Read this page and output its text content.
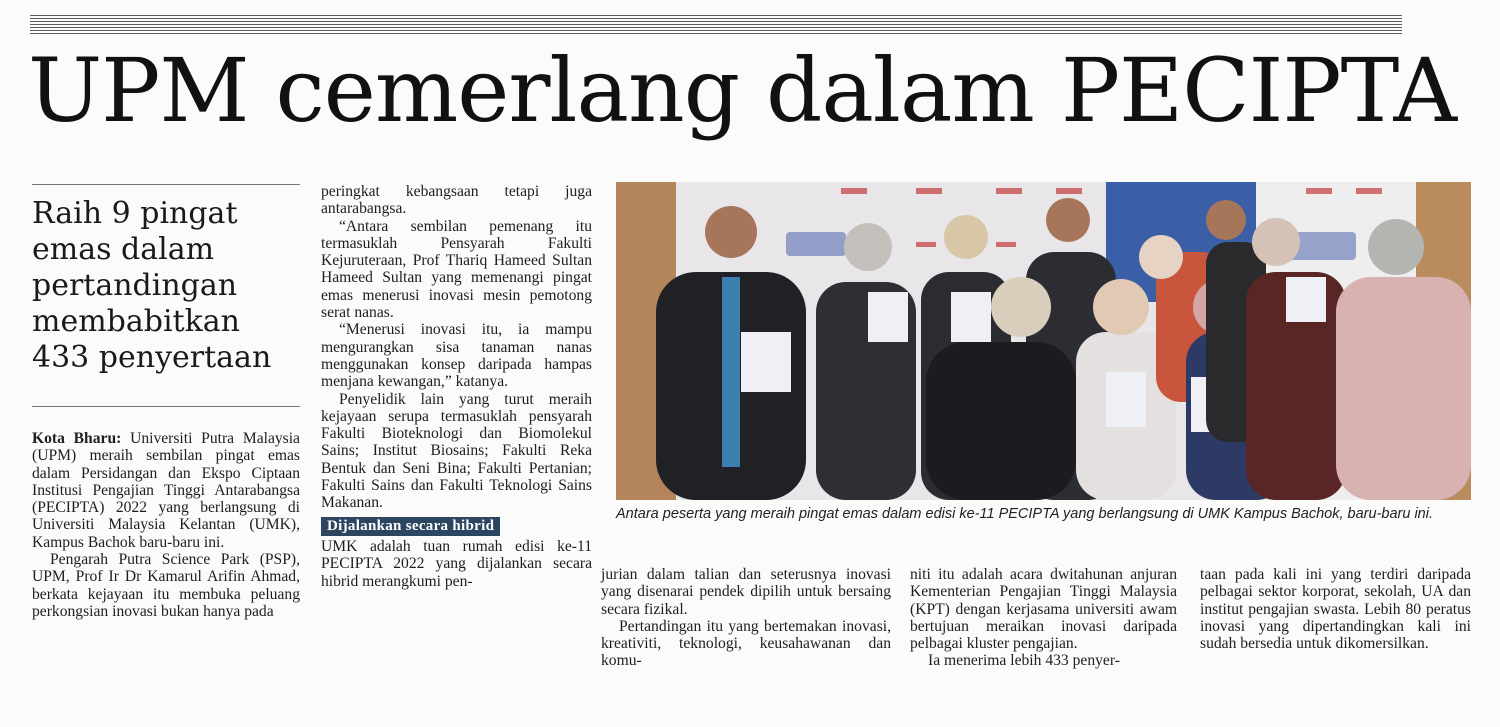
UPM cemerlang dalam PECIPTA
Raih 9 pingat emas dalam pertandingan membabitkan 433 penyertaan

Kota Bharu: Universiti Putra Malaysia (UPM) meraih sembilan pingat emas dalam Persidangan dan Ekspo Ciptaan Institusi Pengajian Tinggi Antarabangsa (PECIPTA) 2022 yang berlangsung di Universiti Malaysia Kelantan (UMK), Kampus Bachok baru-baru ini.

Pengarah Putra Science Park (PSP), UPM, Prof Ir Dr Kamarul Arifin Ahmad, berkata kejayaan itu membuka peluang perkongsian inovasi bukan hanya pada

peringkat kebangsaan tetapi juga antarabangsa.

“Antara sembilan pemenang itu termasuklah Pensyarah Fakulti Kejuruteraan, Prof Thariq Hameed Sultan Hameed Sultan yang memenangi pingat emas menerusi inovasi mesin pemotong serat nanas.

“Menerusi inovasi itu, ia mampu mengurangkan sisa tanaman nanas menggunakan konsep daripada hampas menjana kewangan,” katanya.

Penyelidik lain yang turut meraih kejayaan serupa termasuklah pensyarah Fakulti Bioteknologi dan Biomolekul Sains; Institut Biosains; Fakulti Reka Bentuk dan Seni Bina; Fakulti Pertanian; Fakulti Sains dan Fakulti Teknologi Sains Makanan.

Dijalankan secara hibrid

UMK adalah tuan rumah edisi ke-11 PECIPTA 2022 yang dijalankan secara hibrid merangkumi pen-

Antara peserta yang meraih pingat emas dalam edisi ke-11 PECIPTA yang berlangsung di UMK Kampus Bachok, baru-baru ini.

jurian dalam talian dan seterusnya inovasi yang disenarai pendek dipilih untuk bersaing secara fizikal.

Pertandingan itu yang bertemakan inovasi, kreativiti, teknologi, keusahawanan dan komu-

niti itu adalah acara dwitahunan anjuran Kementerian Pengajian Tinggi Malaysia (KPT) dengan kerjasama universiti awam bertujuan meraikan inovasi daripada pelbagai kluster pengajian.

Ia menerima lebih 433 penyer-

taan pada kali ini yang terdiri daripada pelbagai sektor korporat, sekolah, UA dan institut pengajian swasta. Lebih 80 peratus inovasi yang dipertandingkan kali ini sudah bersedia untuk dikomersilkan.
